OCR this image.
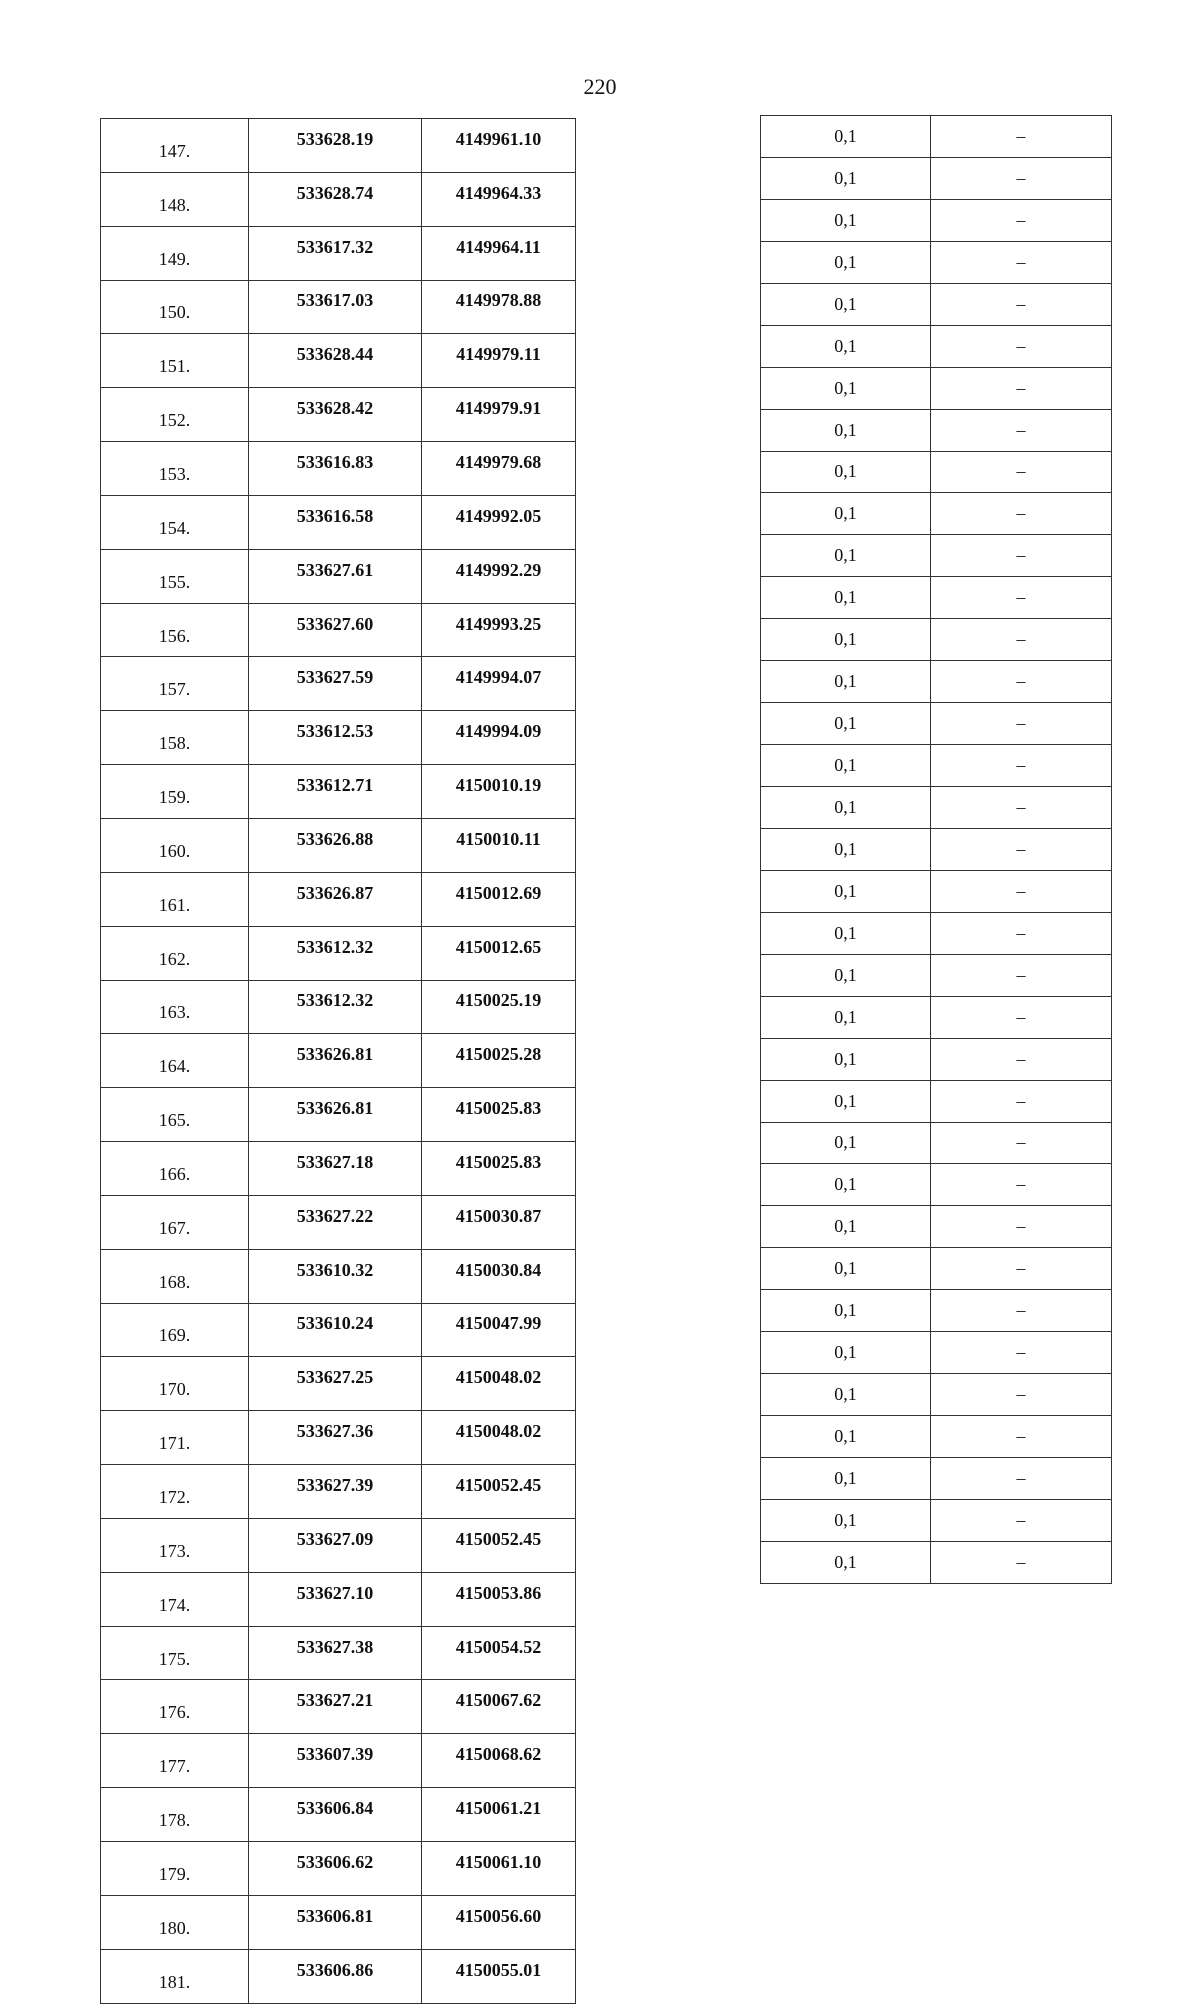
220
147.	533628.19	4149961.10
148.	533628.74	4149964.33
149.	533617.32	4149964.11
150.	533617.03	4149978.88
151.	533628.44	4149979.11
152.	533628.42	4149979.91
153.	533616.83	4149979.68
154.	533616.58	4149992.05
155.	533627.61	4149992.29
156.	533627.60	4149993.25
157.	533627.59	4149994.07
158.	533612.53	4149994.09
159.	533612.71	4150010.19
160.	533626.88	4150010.11
161.	533626.87	4150012.69
162.	533612.32	4150012.65
163.	533612.32	4150025.19
164.	533626.81	4150025.28
165.	533626.81	4150025.83
166.	533627.18	4150025.83
167.	533627.22	4150030.87
168.	533610.32	4150030.84
169.	533610.24	4150047.99
170.	533627.25	4150048.02
171.	533627.36	4150048.02
172.	533627.39	4150052.45
173.	533627.09	4150052.45
174.	533627.10	4150053.86
175.	533627.38	4150054.52
176.	533627.21	4150067.62
177.	533607.39	4150068.62
178.	533606.84	4150061.21
179.	533606.62	4150061.10
180.	533606.81	4150056.60
181.	533606.86	4150055.01
0,1	–
0,1	–
0,1	–
0,1	–
0,1	–
0,1	–
0,1	–
0,1	–
0,1	–
0,1	–
0,1	–
0,1	–
0,1	–
0,1	–
0,1	–
0,1	–
0,1	–
0,1	–
0,1	–
0,1	–
0,1	–
0,1	–
0,1	–
0,1	–
0,1	–
0,1	–
0,1	–
0,1	–
0,1	–
0,1	–
0,1	–
0,1	–
0,1	–
0,1	–
0,1	–
